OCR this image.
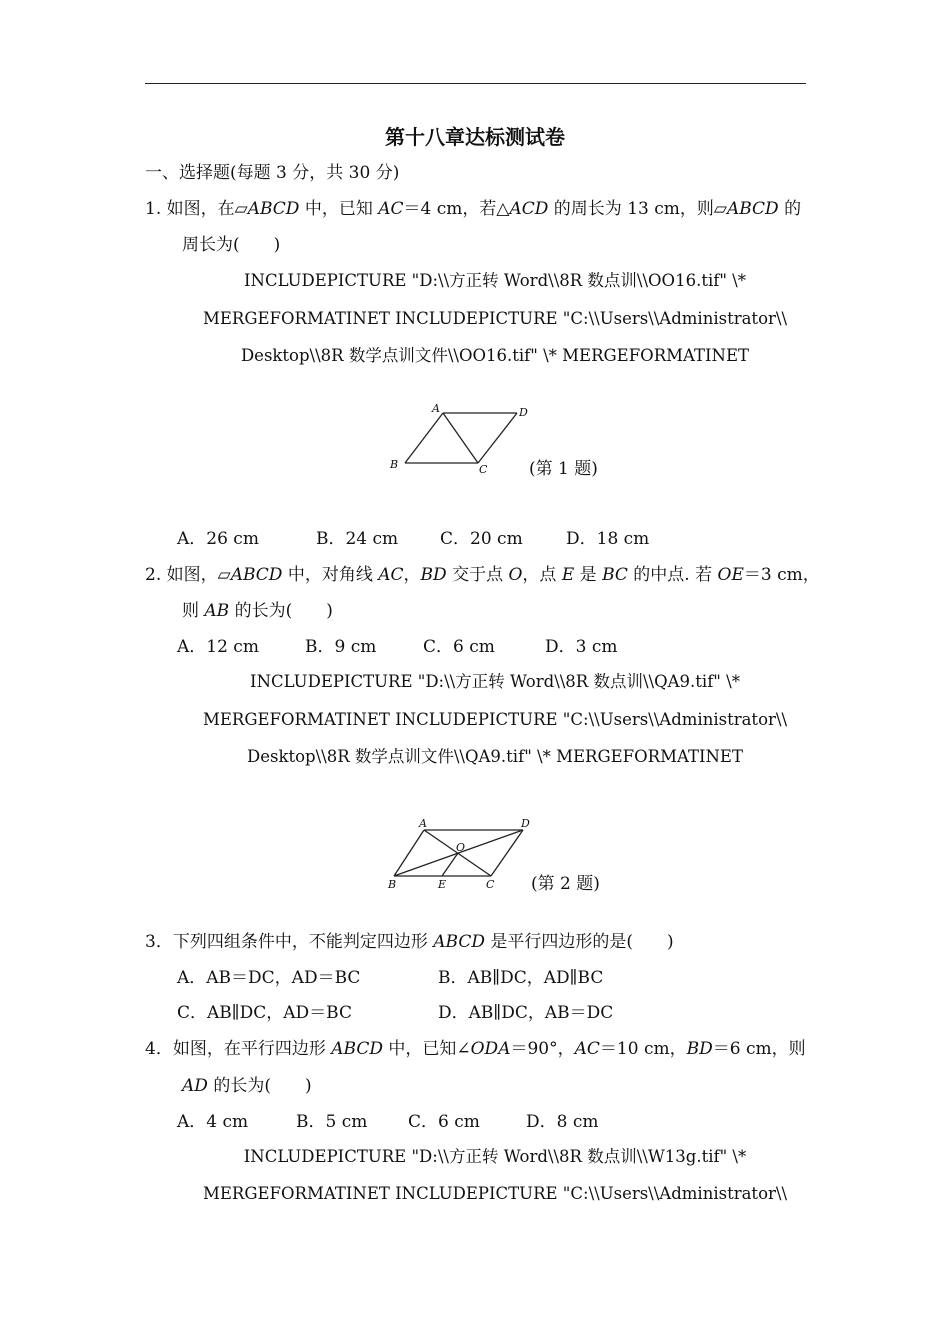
第十八章达标测试卷
一、选择题(每题 3 分，共 30 分)
1. 如图，在▱ABCD 中，已知 AC＝4 cm，若△ACD 的周长为 13 cm，则▱ABCD 的
周长为(　　)
INCLUDEPICTURE "D:\\方正转 Word\\8R 数点训\\OO16.tif" \*
MERGEFORMATINET INCLUDEPICTURE "C:\\Users\\Administrator\\
Desktop\\8R 数学点训文件\\OO16.tif" \* MERGEFORMATINET
A	D
B	C (第 1 题)
A．26 cm	B．24 cm C．20 cm	D．18 cm
2. 如图，▱ABCD 中，对角线 AC，BD 交于点 O，点 E 是 BC 的中点. 若 OE＝3 cm，
则 AB 的长为(　　)
A．12 cm	B．9 cm	C．6 cm	D．3 cm
INCLUDEPICTURE "D:\\方正转 Word\\8R 数点训\\QA9.tif" \*
MERGEFORMATINET INCLUDEPICTURE "C:\\Users\\Administrator\\
Desktop\\8R 数学点训文件\\QA9.tif" \* MERGEFORMATINET
A	D
O
B	E	C (第 2 题)
3．下列四组条件中，不能判定四边形 ABCD 是平行四边形的是(　　)
A．AB＝DC，AD＝BC	B．AB∥DC，AD∥BC
C．AB∥DC，AD＝BC	D．AB∥DC，AB＝DC
4．如图，在平行四边形 ABCD 中，已知∠ODA＝90°，AC＝10 cm，BD＝6 cm，则
AD 的长为(　　)
A．4 cm	B．5 cm C．6 cm	D．8 cm
INCLUDEPICTURE "D:\\方正转 Word\\8R 数点训\\W13g.tif" \*
MERGEFORMATINET INCLUDEPICTURE "C:\\Users\\Administrator\\
